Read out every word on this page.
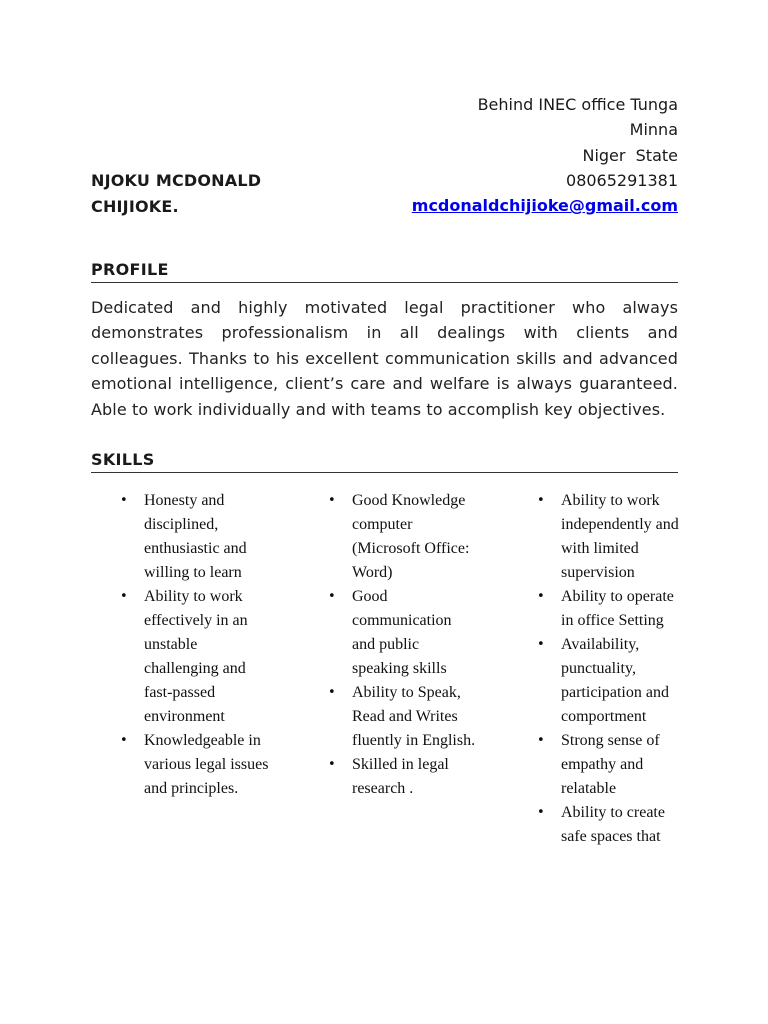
Behind INEC office Tunga
Minna
Niger  State
08065291381
mcdonaldchijioke@gmail.com
NJOKU MCDONALD
CHIJIOKE.
PROFILE
Dedicated and highly motivated legal practitioner who always demonstrates professionalism in all dealings with clients and colleagues. Thanks to his excellent communication skills and advanced emotional intelligence, client’s care and welfare is always guaranteed. Able to work individually and with teams to accomplish key objectives.
SKILLS
• Honesty and disciplined, enthusiastic and willing to learn
• Ability to work effectively in an unstable challenging and fast-passed environment
• Knowledgeable in various legal issues and principles.
• Good Knowledge computer (Microsoft Office: Word)
• Good communication and public speaking skills
• Ability to Speak, Read and Writes fluently in English.
• Skilled in legal research .
• Ability to work independently and with limited supervision
• Ability to operate in office Setting
• Availability, punctuality, participation and comportment
• Strong sense of empathy and relatable
• Ability to create safe spaces that
